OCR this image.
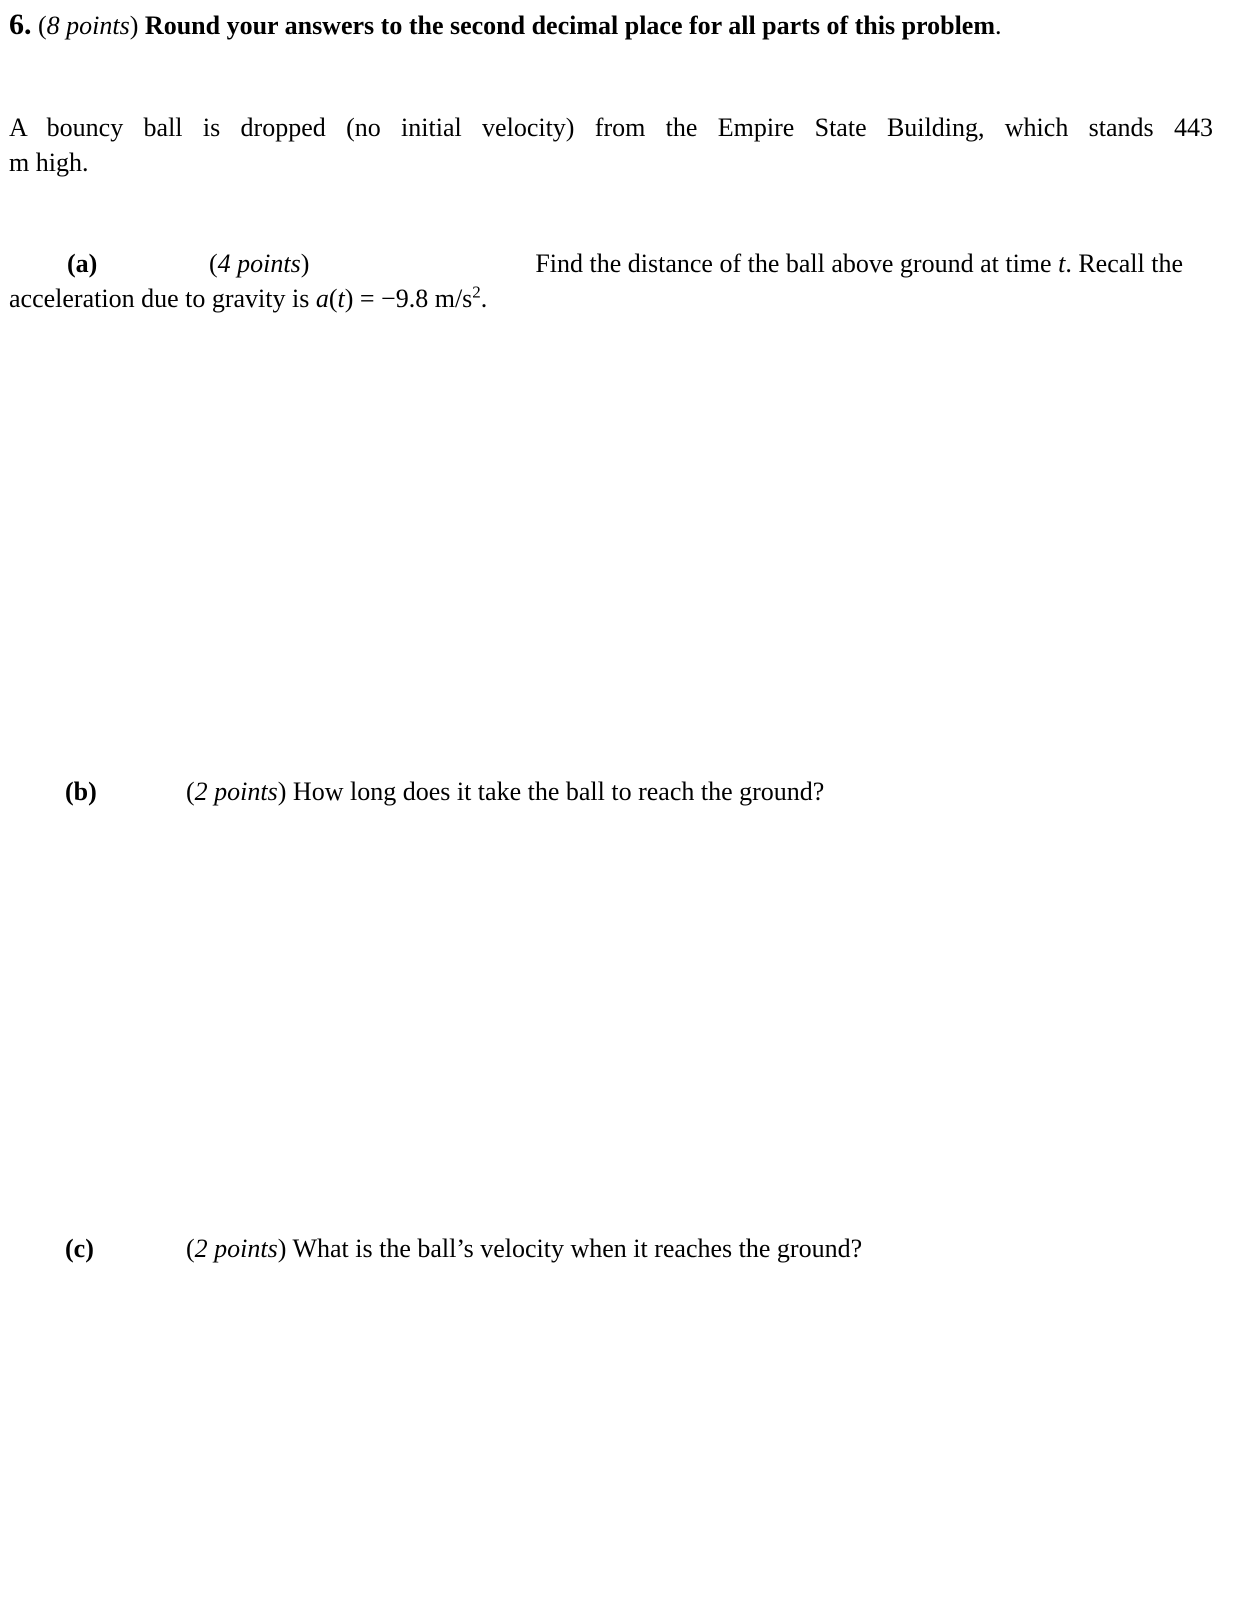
6. (8 points) Round your answers to the second decimal place for all parts of this problem.
A bouncy ball is dropped (no initial velocity) from the Empire State Building, which stands 443
m high.
(a)	(4 points)	Find the distance of the ball above ground at time t. Recall the
acceleration due to gravity is a(t) = −9.8 $m/s^2$.
(b)	(2 points) How long does it take the ball to reach the ground?
(c)	(2 points) What is the ball’s velocity when it reaches the ground?
